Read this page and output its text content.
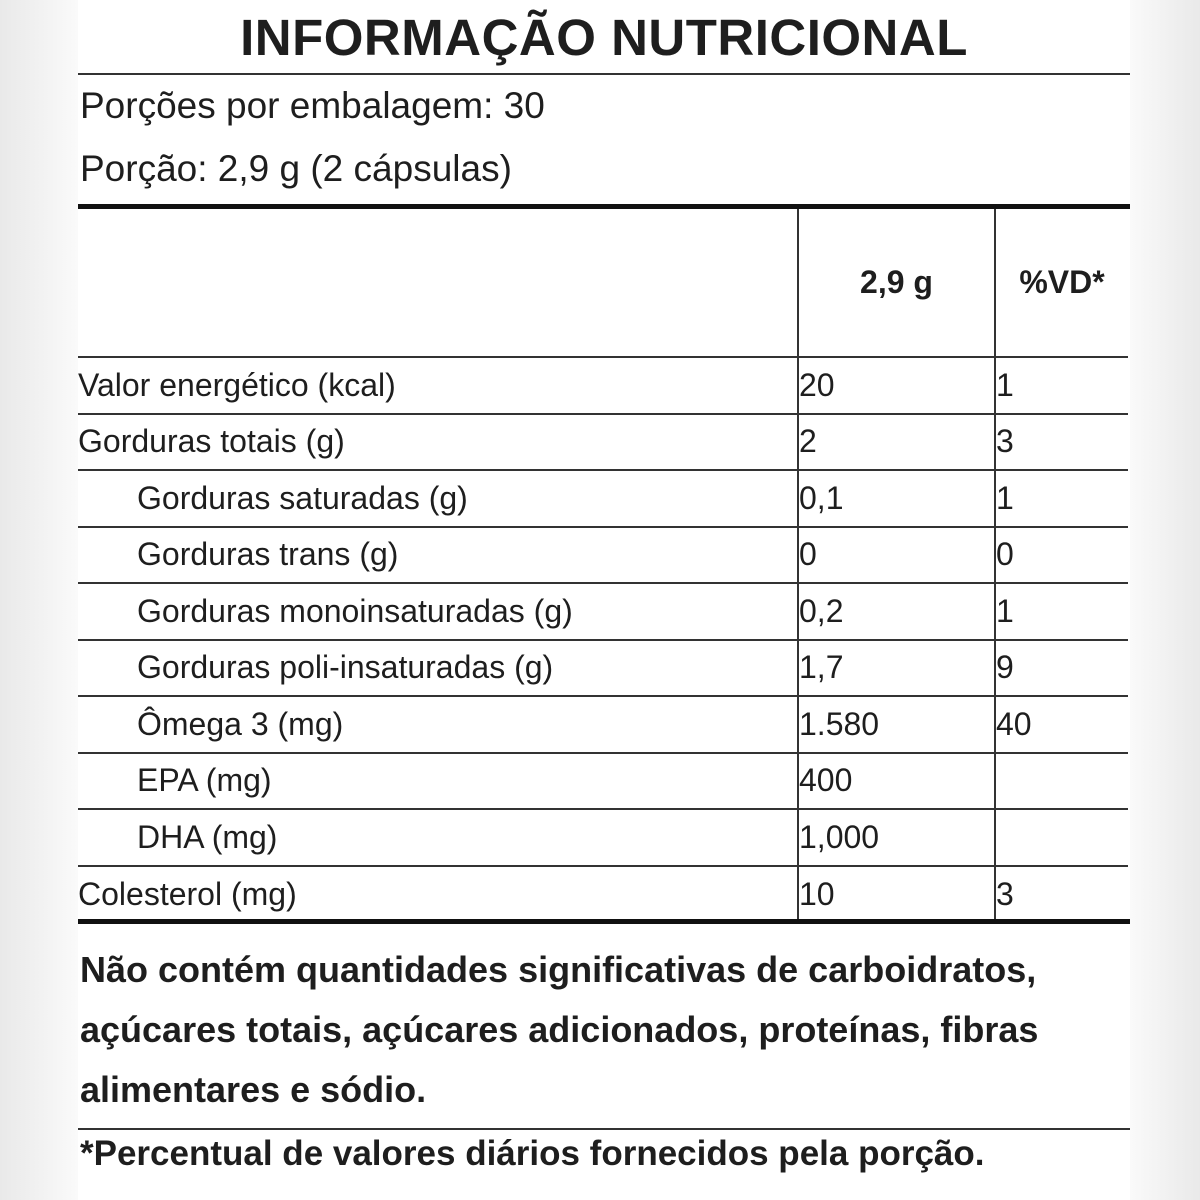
INFORMAÇÃO NUTRICIONAL
Porções por embalagem: 30
Porção: 2,9 g (2 cápsulas)
	2,9 g	%VD*
Valor energético (kcal)	20	1
Gorduras totais (g)	2	3
Gorduras saturadas (g)	0,1	1
Gorduras trans (g)	0	0
Gorduras monoinsaturadas (g)	0,2	1
Gorduras poli-insaturadas (g)	1,7	9
Ômega 3 (mg)	1.580	40
EPA (mg)	400	
DHA (mg)	1,000	
Colesterol (mg)	10	3
Não contém quantidades significativas de carboidratos, açúcares totais, açúcares adicionados, proteínas, fibras alimentares e sódio.
*Percentual de valores diários fornecidos pela porção.
